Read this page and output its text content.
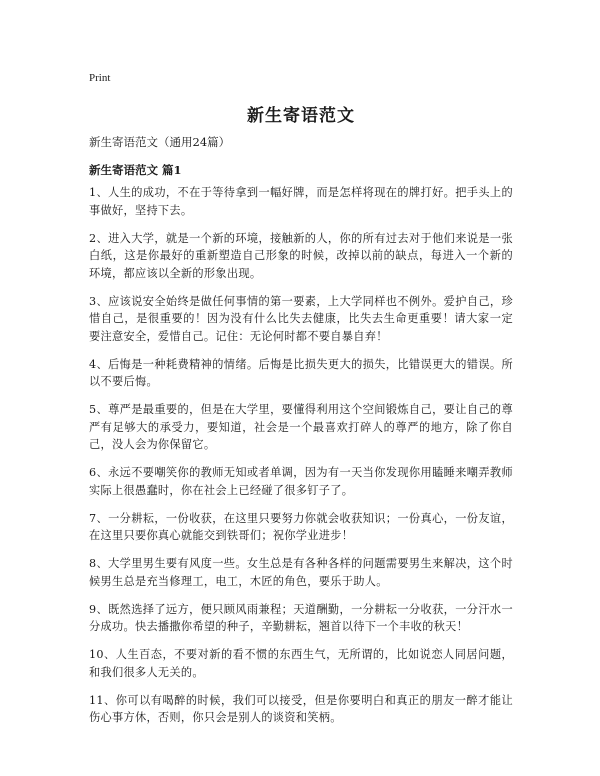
Print
新生寄语范文

新生寄语范文（通用24篇）

新生寄语范文 篇1

1、人生的成功，不在于等待拿到一幅好牌，而是怎样将现在的牌打好。把手头上的事做好，坚持下去。

2、进入大学，就是一个新的环境，接触新的人，你的所有过去对于他们来说是一张白纸，这是你最好的重新塑造自己形象的时候，改掉以前的缺点，每进入一个新的环境，都应该以全新的形象出现。

3、应该说安全始终是做任何事情的第一要素，上大学同样也不例外。爱护自己，珍惜自己，是很重要的！因为没有什么比失去健康，比失去生命更重要！请大家一定要注意安全，爱惜自己。记住：无论何时都不要自暴自弃！

4、后悔是一种耗费精神的情绪。后悔是比损失更大的损失，比错误更大的错误。所以不要后悔。

5、尊严是最重要的，但是在大学里，要懂得利用这个空间锻炼自己，要让自己的尊严有足够大的承受力，要知道，社会是一个最喜欢打碎人的尊严的地方，除了你自己，没人会为你保留它。

6、永远不要嘲笑你的教师无知或者单调，因为有一天当你发现你用瞌睡来嘲弄教师实际上很愚蠢时，你在社会上已经碰了很多钉子了。

7、一分耕耘，一份收获，在这里只要努力你就会收获知识；一份真心，一份友谊，在这里只要你真心就能交到铁哥们；祝你学业进步！

8、大学里男生要有风度一些。女生总是有各种各样的问题需要男生来解决，这个时候男生总是充当修理工，电工，木匠的角色，要乐于助人。

9、既然选择了远方，便只顾风雨兼程；天道酬勤，一分耕耘一分收获，一分汗水一分成功。快去播撒你希望的种子，辛勤耕耘，翘首以待下一个丰收的秋天！

10、人生百态，不要对新的看不惯的东西生气，无所谓的，比如说恋人同居问题，和我们很多人无关的。

11、你可以有喝醉的时候，我们可以接受，但是你要明白和真正的朋友一醉才能让伤心事方休，否则，你只会是别人的谈资和笑柄。
